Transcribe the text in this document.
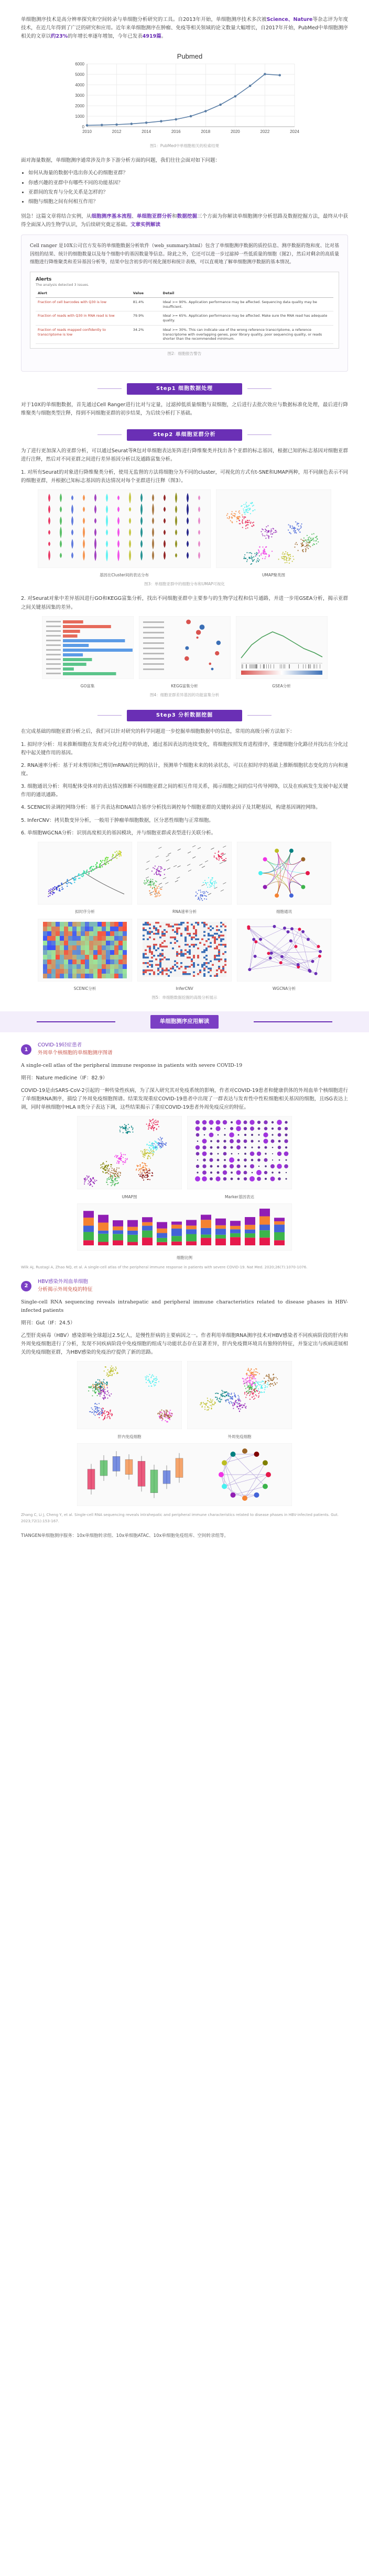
单细胞测序技术是高分辨率探究和空间转录与单细胞分析研究的工具。自2013年开始，单细胞测序技术多次被Science、Nature等杂志评为年度技术，在近几年得到了广泛的研究和应用。近年来单细胞测序在肿瘤、免疫等相关领域的论文数量大幅增长，自2017年开始，PubMed中单细胞测序相关的文章以约23%的年增长率逐年增加，今年已发表4919篇。

Pubmed
0
1000
2000
3000
4000
5000
6000
2010	2012	2014	2016	2018	2020	2022	2024
图1：PubMed中单细胞相关的检索结果

面对海量数据，单细胞测序通常涉及许多下游分析方面的问题，我们往往会面对如下问题：

• 如何从海量的数据中选出你关心的细胞亚群？
• 你感兴趣的亚群中有哪些不同的功能基因？
• 亚群间的发育与分化关系是怎样的？
• 细胞与细胞之间有何相互作用？

别急！这篇文章将结合实例，从细胞测序基本流程、单细胞亚群分析和数据挖掘三个方面为你解读单细胞测序分析思路及数据挖掘方法，最终从中获得全面深入的生物学认识，为后续研究奠定基础。文章实例解读

Cell ranger 是10X公司官方发布的单细胞数据分析软件（web_summary.html）包含了单细胞测序数据的质控信息、测序数据的饱和度、比对基因组的结果、统计的细胞数量以及每个细胞中的基因数量等信息。除此之外，它还可以进一步过滤掉一些低质量的细胞（图2），然后对剩余的高质量细胞进行降维聚类和差异基因分析等，结果中包含初步的可视化图形和统计表格，可以直观地了解单细胞测序数据的基本情况。

Alerts
The analysis detected 3 issues.
Alert	Value	Detail
Fraction of cell barcodes with Q30 is low	81.4%	Ideal >= 90%. Application performance may be affected. Sequencing data quality may be insufficient.
Fraction of reads with Q30 in RNA read is low	79.9%	Ideal >= 65%. Application performance may be affected. Make sure the RNA read has adequate quality.
Fraction of reads mapped confidently to transcriptome is low	34.2%	Ideal >= 30%. This can indicate use of the wrong reference transcriptome, a reference transcriptome with overlapping genes, poor library quality, poor sequencing quality, or reads shorter than the recommended minimum.
图2：细胞报告警告
Step1 细胞数据处理

对于10X的单细胞数据，首先通过Cell Ranger进行比对与定量，过滤掉低质量细胞与双细胞，之后进行去批次效应与数据标准化处理，最后进行降维聚类与细胞类型注释，得到不同细胞亚群的初步结果，为后续分析打下基础。

Step2 单细胞亚群分析

为了进行更加深入的亚群分析，可以通过Seurat等R包对单细胞表达矩阵进行降维聚类并找出各个亚群的标志基因，根据已知的标志基因对细胞亚群进行注释，然后对不同亚群之间进行差异基因分析以及通路富集分析。

1. 对所有Seurat的对象进行降维聚类分析，使用无监督的方法将细胞分为不同的cluster，可视化的方式有t-SNE和UMAP两种，用不同颜色表示不同的细胞亚群，并根据已知标志基因的表达情况对每个亚群进行注释（图3）。

基因在Cluster间的表达分布	UMAP聚类图
图3：单细胞亚群中的细胞分布和UMAP可视化

2. 对Seurat对象中差异基因进行GO和KEGG富集分析，找出不同细胞亚群中主要参与的生物学过程和信号通路，并进一步用GSEA分析，揭示亚群之间关键基因集的差异。

GO富集	KEGG富集分析	GSEA分析
图4：细胞亚群差异基因的功能富集分析
Step3 分析数据挖掘

在完成基础的细胞亚群分析之后，我们可以针对研究的科学问题进一步挖掘单细胞数据中的信息，常用的高级分析方法如下：

1. 拟时序分析：用来推断细胞在发育或分化过程中的轨迹，通过基因表达的连续变化，将细胞按照发育进程排序，重建细胞分化路径并找出在分化过程中起关键作用的基因。

2. RNA速率分析：基于对未剪切和已剪切mRNA的比例的估计，预测单个细胞未来的转录状态，可以在拟时序的基础上推断细胞状态变化的方向和速度。

3. 细胞通讯分析：利用配体受体对的表达情况推断不同细胞亚群之间的相互作用关系，揭示细胞之间的信号传导网络，以及在疾病发生发展中起关键作用的通讯通路。

4. SCENIC转录调控网络分析：基于共表达和DNA结合基序分析找出调控每个细胞亚群的关键转录因子及其靶基因，构建基因调控网络。

5. InferCNV：拷贝数变异分析，一般用于肿瘤单细胞数据，区分恶性细胞与正常细胞。

6. 单细胞WGCNA分析：识别高度相关的基因模块，并与细胞亚群或表型进行关联分析。

拟时序分析	RNA速率分析	细胞通讯
SCENIC分析	InferCNV	WGCNA分析
图5：单细胞数据挖掘的高级分析展示
单细胞测序应用解读
1
COVID-19轻症患者
外周单个核细胞的单细胞测序图谱

A single-cell atlas of the peripheral immune response in patients with severe COVID-19

期刊：Nature medicine（IF：82.9）

COVID-19是由SARS-CoV-2引起的一种传染性疾病，为了深入研究其对免疫系统的影响，作者对COVID-19患者和健康供体的外周血单个核细胞进行了单细胞RNA测序，描绘了外周免疫细胞图谱。结果发现重症COVID-19患者中出现了一群表达与发育性中性粒细胞相关基因的细胞，且ISG表达上调，同时单核细胞中HLA II类分子表达下调，这些结果揭示了重症COVID-19患者外周免疫反应的特征。

UMAP图	Marker基因表达
细胞比例
Wilk AJ, Rustagi A, Zhao NQ, et al. A single-cell atlas of the peripheral immune response in patients with severe COVID-19. Nat Med. 2020;26(7):1070-1076.
2
HBV感染外周血单细胞
分析揭示外周免疫的特征

Single-cell RNA sequencing reveals intrahepatic and peripheral immune characteristics related to disease phases in HBV-infected patients

期刊：Gut（IF：24.5）

乙型肝炎病毒（HBV）感染影响全球超过2.5亿人，是慢性肝病的主要病因之一。作者利用单细胞RNA测序技术对HBV感染者不同疾病阶段的肝内和外周免疫细胞进行了分析，发现不同疾病阶段中免疫细胞的组成与功能状态存在显著差异，肝内免疫微环境具有独特的特征，并鉴定出与疾病进展相关的免疫细胞亚群，为HBV感染的免疫治疗提供了新的思路。

肝内免疫细胞	外周免疫细胞
Zhang C, Li J, Cheng Y, et al. Single-cell RNA sequencing reveals intrahepatic and peripheral immune characteristics related to disease phases in HBV-infected patients. Gut. 2023;72(1):153-167.

TIANGEN单细胞测序服务：10x单细胞转录组、10x单细胞ATAC、10x单细胞免疫组库、空间转录组等。
